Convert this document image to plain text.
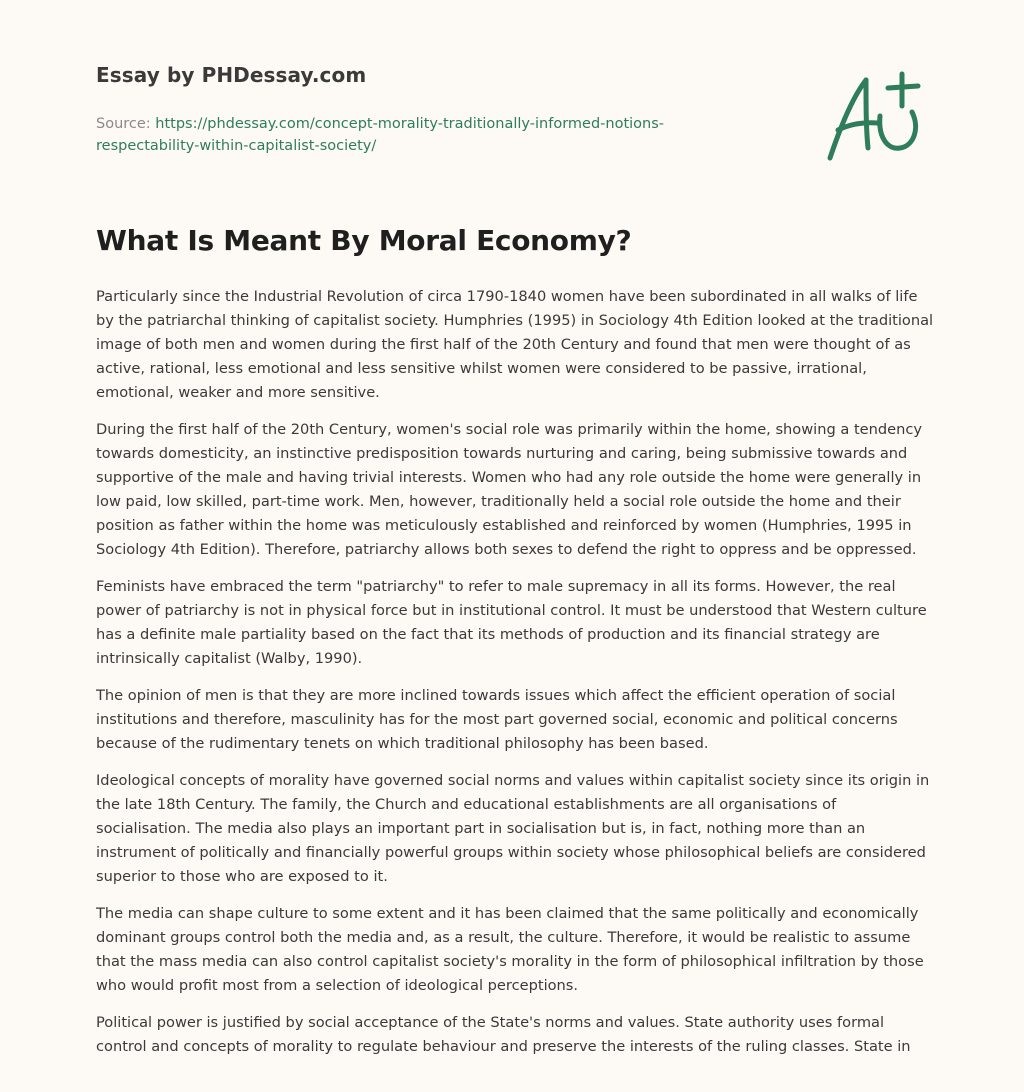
Essay by PHDessay.com
Source: https://phdessay.com/concept-morality-traditionally-informed-notions-
respectability-within-capitalist-society/
What Is Meant By Moral Economy?

Particularly since the Industrial Revolution of circa 1790-1840 women have been subordinated in all walks of life by the patriarchal thinking of capitalist society. Humphries (1995) in Sociology 4th Edition looked at the traditional image of both men and women during the first half of the 20th Century and found that men were thought of as active, rational, less emotional and less sensitive whilst women were considered to be passive, irrational, emotional, weaker and more sensitive.

During the first half of the 20th Century, women's social role was primarily within the home, showing a tendency towards domesticity, an instinctive predisposition towards nurturing and caring, being submissive towards and supportive of the male and having trivial interests. Women who had any role outside the home were generally in low paid, low skilled, part-time work. Men, however, traditionally held a social role outside the home and their position as father within the home was meticulously established and reinforced by women (Humphries, 1995 in Sociology 4th Edition). Therefore, patriarchy allows both sexes to defend the right to oppress and be oppressed.

Feminists have embraced the term "patriarchy" to refer to male supremacy in all its forms. However, the real power of patriarchy is not in physical force but in institutional control. It must be understood that Western culture has a definite male partiality based on the fact that its methods of production and its financial strategy are intrinsically capitalist (Walby, 1990).

The opinion of men is that they are more inclined towards issues which affect the efficient operation of social institutions and therefore, masculinity has for the most part governed social, economic and political concerns because of the rudimentary tenets on which traditional philosophy has been based.

Ideological concepts of morality have governed social norms and values within capitalist society since its origin in the late 18th Century. The family, the Church and educational establishments are all organisations of socialisation. The media also plays an important part in socialisation but is, in fact, nothing more than an instrument of politically and financially powerful groups within society whose philosophical beliefs are considered superior to those who are exposed to it.

The media can shape culture to some extent and it has been claimed that the same politically and economically dominant groups control both the media and, as a result, the culture. Therefore, it would be realistic to assume that the mass media can also control capitalist society's morality in the form of philosophical infiltration by those who would profit most from a selection of ideological perceptions.

Political power is justified by social acceptance of the State's norms and values. State authority uses formal control and concepts of morality to regulate behaviour and preserve the interests of the ruling classes. State in
